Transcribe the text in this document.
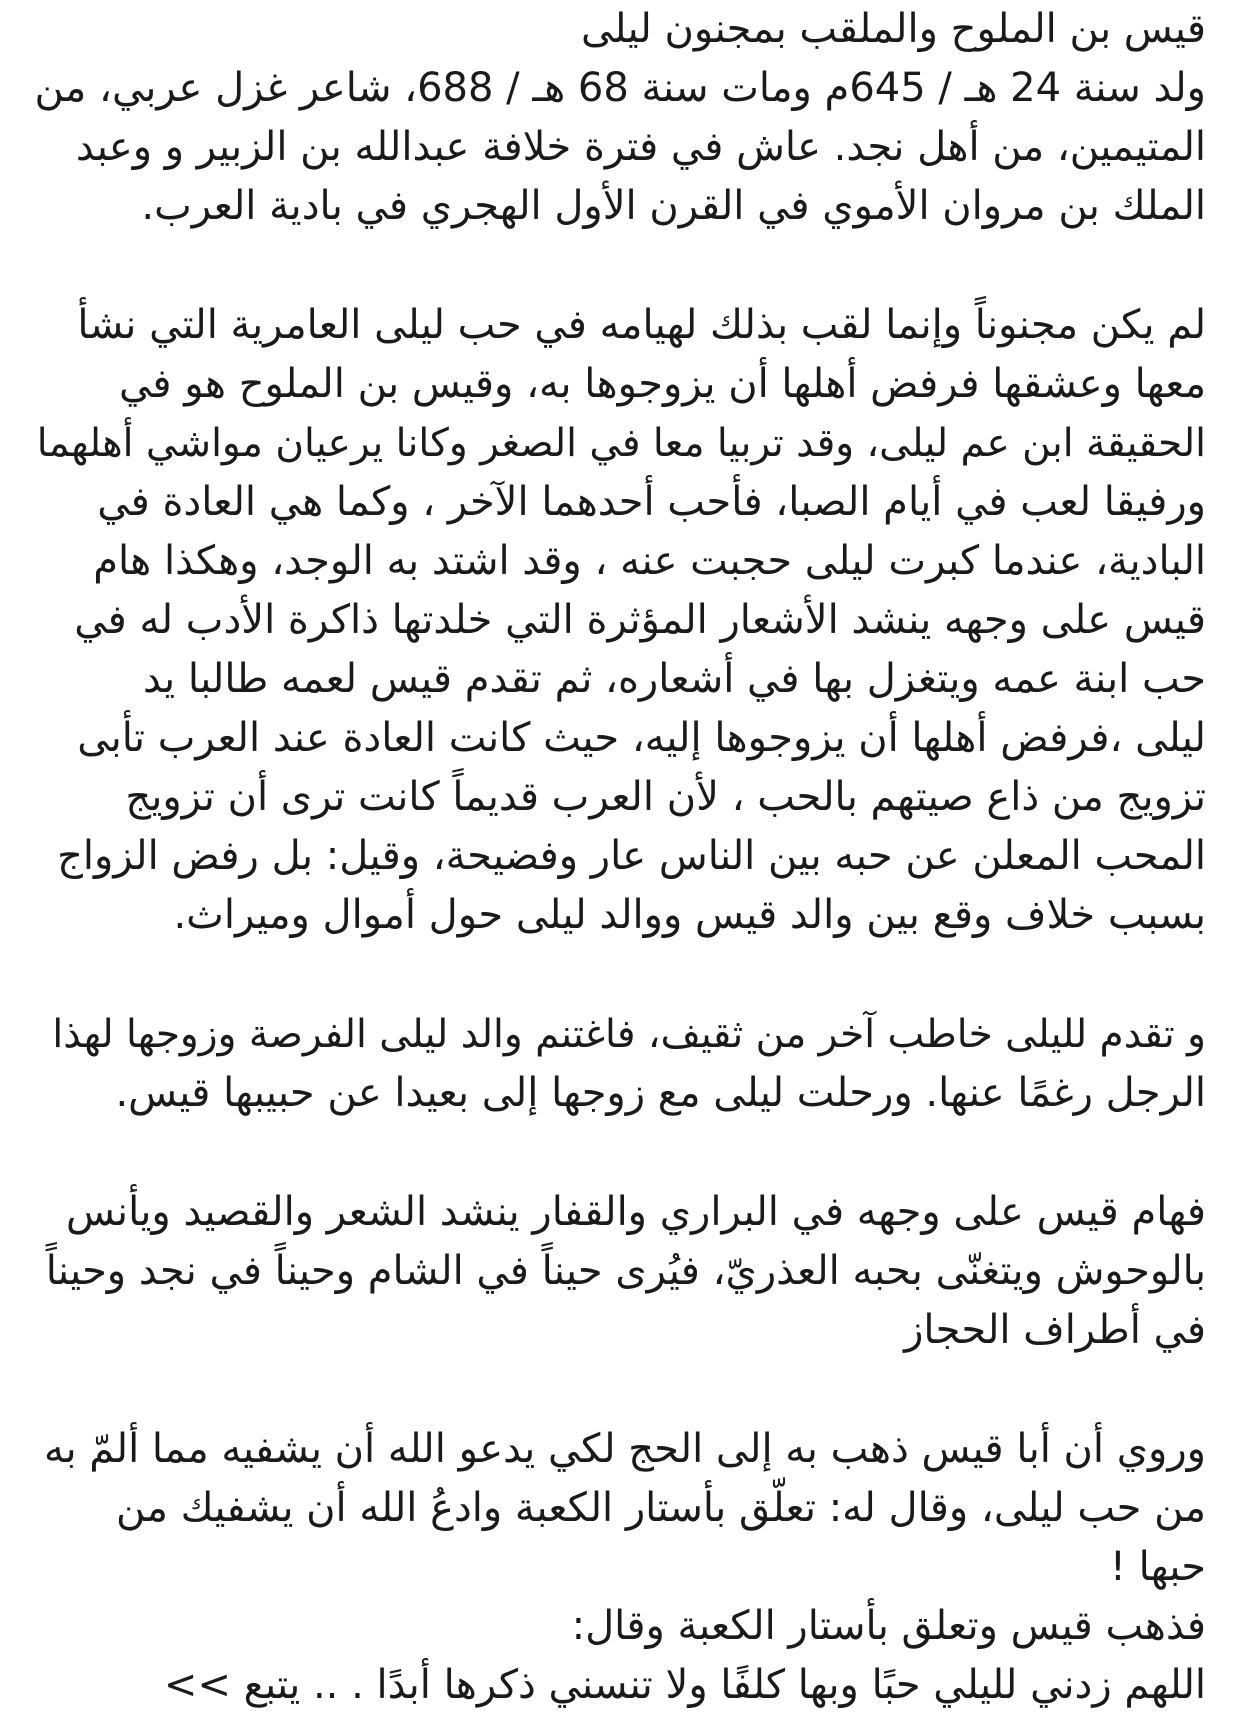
قيس بن الملوح والملقب بمجنون ليلى
ولد سنة 24 هـ / 645م ومات سنة 68 هـ / 688، شاعر غزل عربي، من
المتيمين، من أهل نجد. عاش في فترة خلافة عبدالله بن الزبير و وعبد
الملك بن مروان الأموي في القرن الأول الهجري في بادية العرب.

لم يكن مجنوناً وإنما لقب بذلك لهيامه في حب ليلى العامرية التي نشأ
معها وعشقها فرفض أهلها أن يزوجوها به، وقيس بن الملوح هو في
الحقيقة ابن عم ليلى، وقد تربيا معا في الصغر وكانا يرعيان مواشي أهلهما
ورفيقا لعب في أيام الصبا، فأحب أحدهما الآخر ، وكما هي العادة في
البادية، عندما كبرت ليلى حجبت عنه ، وقد اشتد به الوجد، وهكذا هام
قيس على وجهه ينشد الأشعار المؤثرة التي خلدتها ذاكرة الأدب له في
حب ابنة عمه ويتغزل بها في أشعاره، ثم تقدم قيس لعمه طالبا يد
ليلى ،فرفض أهلها أن يزوجوها إليه، حيث كانت العادة عند العرب تأبى
تزويج من ذاع صيتهم بالحب ، لأن العرب قديماً كانت ترى أن تزويج
المحب المعلن عن حبه بين الناس عار وفضيحة، وقيل: بل رفض الزواج
بسبب خلاف وقع بين والد قيس ووالد ليلى حول أموال وميراث.

و تقدم لليلى خاطب آخر من ثقيف، فاغتنم والد ليلى الفرصة وزوجها لهذا
الرجل رغمًا عنها. ورحلت ليلى مع زوجها إلى بعيدا عن حبيبها قيس.

فهام قيس على وجهه في البراري والقفار ينشد الشعر والقصيد ويأنس
بالوحوش ويتغنّى بحبه العذريّ، فيُرى حيناً في الشام وحيناً في نجد وحيناً
في أطراف الحجاز

وروي أن أبا قيس ذهب به إلى الحج لكي يدعو الله أن يشفيه مما ألمّ به
من حب ليلى، وقال له: تعلّق بأستار الكعبة وادعُ الله أن يشفيك من
حبها !
فذهب قيس وتعلق بأستار الكعبة وقال:
اللهم زدني لليلي حبًا وبها كلفًا ولا تنسني ذكرها أبدًا . .. يتبع >>
